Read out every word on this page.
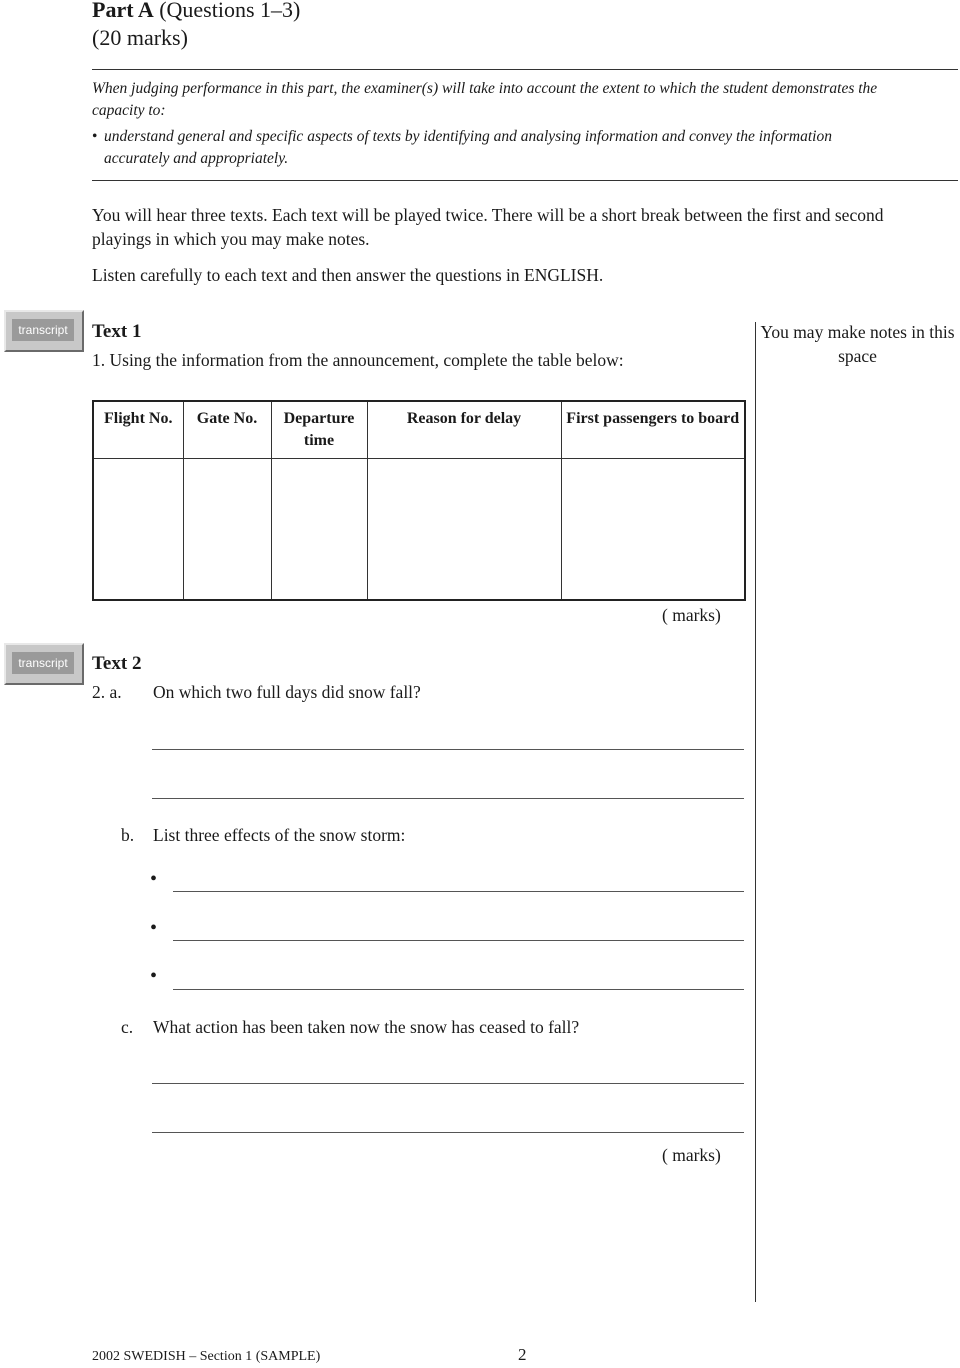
Part A (Questions 1–3)
(20 marks)
When judging performance in this part, the examiner(s) will take into account the extent to which the student demonstrates the capacity to:
• understand general and specific aspects of texts by identifying and analysing information and convey the information accurately and appropriately.
You will hear three texts. Each text will be played twice. There will be a short break between the first and second playings in which you may make notes.
Listen carefully to each text and then answer the questions in ENGLISH.
transcript	Text 1
1. Using the information from the announcement, complete the table below:
You may make notes in this space
Flight No.	Gate No.	Departure time	Reason for delay	First passengers to board

( marks)
transcript	Text 2
2. a. On which two full days did snow fall?
b. List three effects of the snow storm:
•
•
•
c. What action has been taken now the snow has ceased to fall?
( marks)
2002 SWEDISH – Section 1 (SAMPLE)	2
